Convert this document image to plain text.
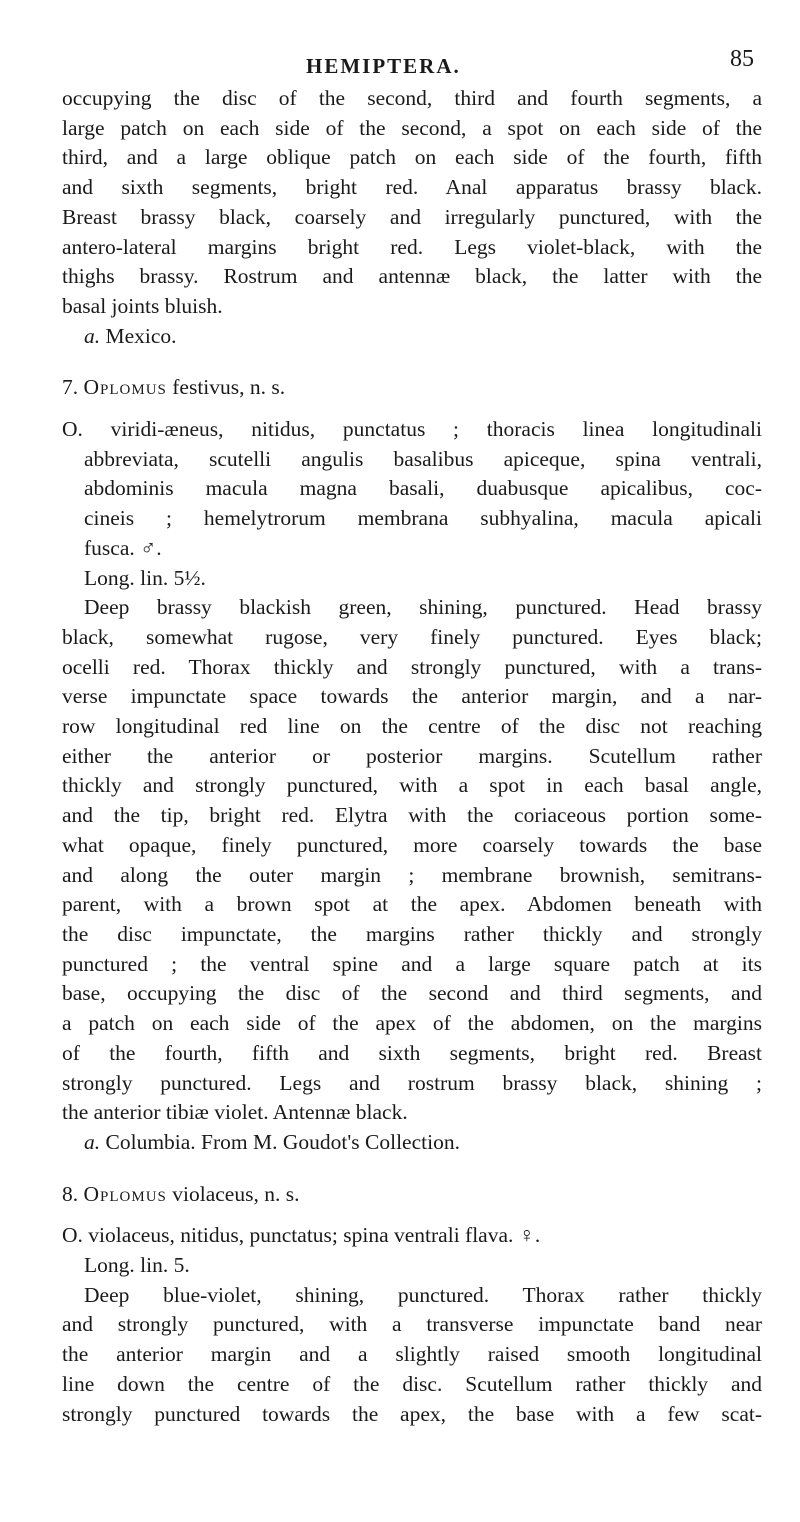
HEMIPTERA.	85
occupying the disc of the second, third and fourth segments, a
large patch on each side of the second, a spot on each side of the
third, and a large oblique patch on each side of the fourth, fifth
and sixth segments, bright red. Anal apparatus brassy black.
Breast brassy black, coarsely and irregularly punctured, with the
antero-lateral margins bright red. Legs violet-black, with the
thighs brassy. Rostrum and antennæ black, the latter with the
basal joints bluish.
a. Mexico.
7. Oplomus festivus, n. s.
O. viridi-æneus, nitidus, punctatus ; thoracis linea longitudinali
abbreviata, scutelli angulis basalibus apiceque, spina ventrali,
abdominis macula magna basali, duabusque apicalibus, coc-
cineis ; hemelytrorum membrana subhyalina, macula apicali
fusca. ♂.
Long. lin. 5½.
Deep brassy blackish green, shining, punctured. Head brassy
black, somewhat rugose, very finely punctured. Eyes black;
ocelli red. Thorax thickly and strongly punctured, with a trans-
verse impunctate space towards the anterior margin, and a nar-
row longitudinal red line on the centre of the disc not reaching
either the anterior or posterior margins. Scutellum rather
thickly and strongly punctured, with a spot in each basal angle,
and the tip, bright red. Elytra with the coriaceous portion some-
what opaque, finely punctured, more coarsely towards the base
and along the outer margin ; membrane brownish, semitrans-
parent, with a brown spot at the apex. Abdomen beneath with
the disc impunctate, the margins rather thickly and strongly
punctured ; the ventral spine and a large square patch at its
base, occupying the disc of the second and third segments, and
a patch on each side of the apex of the abdomen, on the margins
of the fourth, fifth and sixth segments, bright red. Breast
strongly punctured. Legs and rostrum brassy black, shining ;
the anterior tibiæ violet. Antennæ black.
a. Columbia. From M. Goudot's Collection.
8. Oplomus violaceus, n. s.
O. violaceus, nitidus, punctatus; spina ventrali flava. ♀.
Long. lin. 5.
Deep blue-violet, shining, punctured. Thorax rather thickly
and strongly punctured, with a transverse impunctate band near
the anterior margin and a slightly raised smooth longitudinal
line down the centre of the disc. Scutellum rather thickly and
strongly punctured towards the apex, the base with a few scat-
